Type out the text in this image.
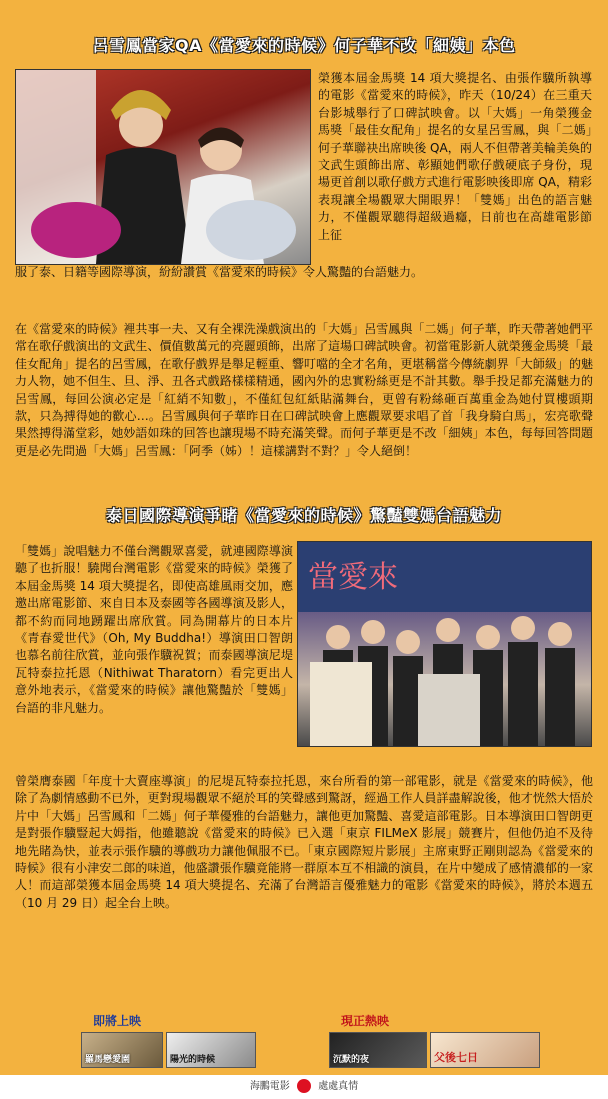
呂雪鳳當家QA《當愛來的時候》何子華不改「細姨」本色

榮獲本屆金馬獎 14 項大獎提名、由張作驥所執導的電影《當愛來的時候》，昨天（10/24）在三重天台影城舉行了口碑試映會。以「大媽」一角榮獲金馬獎「最佳女配角」提名的女星呂雪鳳，與「二媽」何子華聯袂出席映後 QA，兩人不但帶著美輪美奐的文武生頭飾出席、彰顯她們歌仔戲硬底子身份，現場更首創以歌仔戲方式進行電影映後即席 QA，精彩表現讓全場觀眾大開眼界！「雙媽」出色的語言魅力，不僅觀眾聽得超級過癮，日前也在高雄電影節上征

服了泰、日籍等國際導演，紛紛讚賞《當愛來的時候》令人驚豔的台語魅力。

在《當愛來的時候》裡共事一夫、又有全裸洗澡戲演出的「大媽」呂雪鳳與「二媽」何子華，昨天帶著她們平常在歌仔戲演出的文武生、價值數萬元的亮麗頭飾，出席了這場口碑試映會。初當電影新人就榮獲金馬獎「最佳女配角」提名的呂雪鳳，在歌仔戲界是舉足輕重、響叮噹的全才名角，更堪稱當今傳統劇界「大師級」的魅力人物，她不但生、旦、淨、丑各式戲路樣樣精通，國內外的忠實粉絲更是不計其數。舉手投足都充滿魅力的呂雪鳳，每回公演必定是「紅綃不知數」，不僅紅包紅紙貼滿舞台，更曾有粉絲砸百萬重金為她付買樓頭期款，只為搏得她的歡心…。呂雪鳳與何子華昨日在口碑試映會上應觀眾要求唱了首「我身騎白馬」，宏亮歌聲果然搏得滿堂彩，她妙語如珠的回答也讓現場不時充滿笑聲。而何子華更是不改「細姨」本色，每每回答問題更是必先問過「大媽」呂雪鳳：「阿季（姊）！這樣講對不對？」令人絕倒！

泰日國際導演爭睹《當愛來的時候》驚豔雙媽台語魅力

「雙媽」說唱魅力不僅台灣觀眾喜愛，就連國際導演聽了也折服！驍聞台灣電影《當愛來的時候》榮獲了本屆金馬獎 14 項大獎提名，即使高雄風雨交加，應邀出席電影節、來自日本及泰國等各國導演及影人，都不約而同地踴躍出席欣賞。同為開幕片的日本片《青春愛世代》（Oh, My Buddha!）導演田口智朗也慕名前往欣賞，並向張作驥祝賀；而泰國導演尼堤瓦特泰拉托恩（Nithiwat Tharatorn）看完更出人意外地表示，《當愛來的時候》讓他驚豔於「雙媽」台語的非凡魅力。

當愛來

曾榮膺泰國「年度十大賣座導演」的尼堤瓦特泰拉托恩，來台所看的第一部電影，就是《當愛來的時候》，他除了為劇情感動不已外，更對現場觀眾不絕於耳的笑聲感到驚訝，經過工作人員詳盡解說後，他才恍然大悟於片中「大媽」呂雪鳳和「二媽」何子華優雅的台語魅力，讓他更加驚豔、喜愛這部電影。日本導演田口智朗更是對張作驥豎起大姆指，他雖聽說《當愛來的時候》已入選「東京 FILMeX 影展」競賽片，但他仍迫不及待地先睹為快，並表示張作驥的導戲功力讓他佩服不已。「東京國際短片影展」主席東野正剛則認為《當愛來的時候》很有小津安二郎的味道，他盛讚張作驥竟能將一群原本互不相識的演員，在片中變成了感情濃郁的一家人！而這部榮獲本屆金馬獎 14 項大獎提名、充滿了台灣語言優雅魅力的電影《當愛來的時候》，將於本週五（10 月 29 日）起全台上映。

即將上映	現正熱映
羅馬戀愛園	陽光的時候	沉默的夜	父後七日
海鵬電影	處處真情
